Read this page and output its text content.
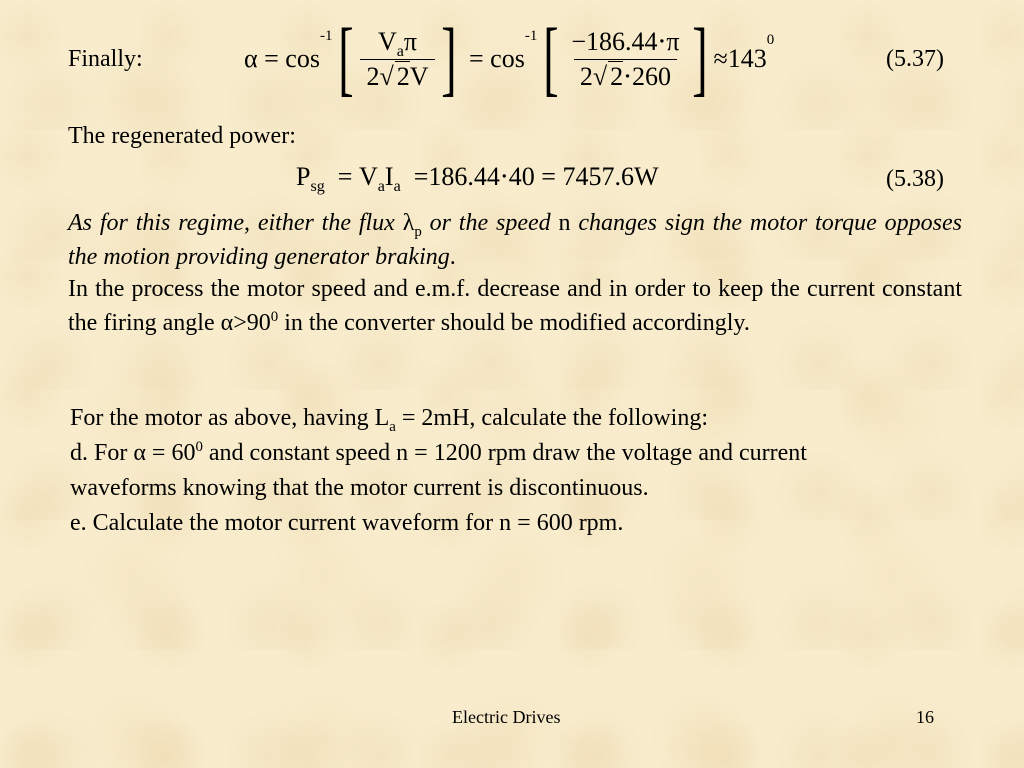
Finally:	α
=
cos
-1 [ $\frac{V_a\pi}{2√ 2V}$ ]
=
cos
-1 [ $\frac{-186.44\cdot\pi}{2√ 2\cdot 260}$ ] ≈ 143
0
(5.37)
The regenerated power:
$P_{sg} = V_aI_a =186.44\cdot 40 = 7457.6W$	(5.38)
As for this regime, either the flux $\lambda_p$ or the speed n changes sign the motor torque opposes the motion providing generator braking.
In the process the motor speed and e.m.f. decrease and in order to keep the current constant the firing angle $\alpha>90^0$ in the converter should be modified accordingly.
For the motor as above, having $L_a = 2mH$, calculate the following:
d. For $\alpha = 60^0$ and constant speed n = 1200 rpm draw the voltage and current
waveforms knowing that the motor current is discontinuous.
e. Calculate the motor current waveform for n = 600 rpm.
Electric Drives	16
